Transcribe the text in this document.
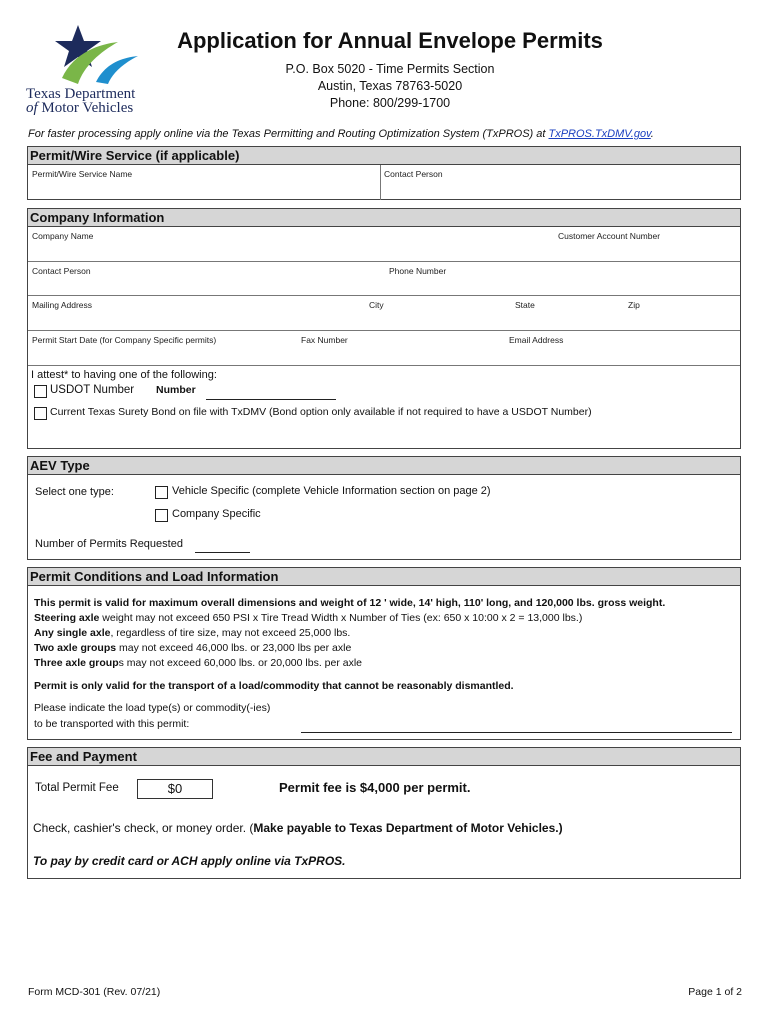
Texas Department
of Motor Vehicles
Application for Annual Envelope Permits
P.O. Box 5020 - Time Permits Section
Austin, Texas 78763-5020
Phone: 800/299-1700
For faster processing apply online via the Texas Permitting and Routing Optimization System (TxPROS) at TxPROS.TxDMV.gov.
Permit/Wire Service (if applicable)
Permit/Wire Service Name	Contact Person
Company Information
Company Name	Customer Account Number
Contact Person	Phone Number
Mailing Address	City	State	Zip
Permit Start Date (for Company Specific permits)	Fax Number	Email Address
I attest* to having one of the following:
USDOT Number Number
Current Texas Surety Bond on file with TxDMV (Bond option only available if not required to have a USDOT Number)
AEV Type
Select one type:	Vehicle Specific (complete Vehicle Information section on page 2)
Company Specific
Number of Permits Requested
Permit Conditions and Load Information
This permit is valid for maximum overall dimensions and weight of 12 ' wide, 14' high, 110' long, and 120,000 lbs. gross weight.
Steering axle weight may not exceed 650 PSI x Tire Tread Width x Number of Ties (ex: 650 x 10:00 x 2 = 13,000 lbs.)
Any single axle, regardless of tire size, may not exceed 25,000 lbs.
Two axle groups may not exceed 46,000 lbs. or 23,000 lbs per axle
Three axle groups may not exceed 60,000 lbs. or 20,000 lbs. per axle
Permit is only valid for the transport of a load/commodity that cannot be reasonably dismantled.
Please indicate the load type(s) or commodity(-ies)
to be transported with this permit:
Fee and Payment
Total Permit Fee	$0	Permit fee is $4,000 per permit.
Check, cashier's check, or money order. (Make payable to Texas Department of Motor Vehicles.)
To pay by credit card or ACH apply online via TxPROS.
Form MCD-301 (Rev. 07/21)	Page 1 of 2
